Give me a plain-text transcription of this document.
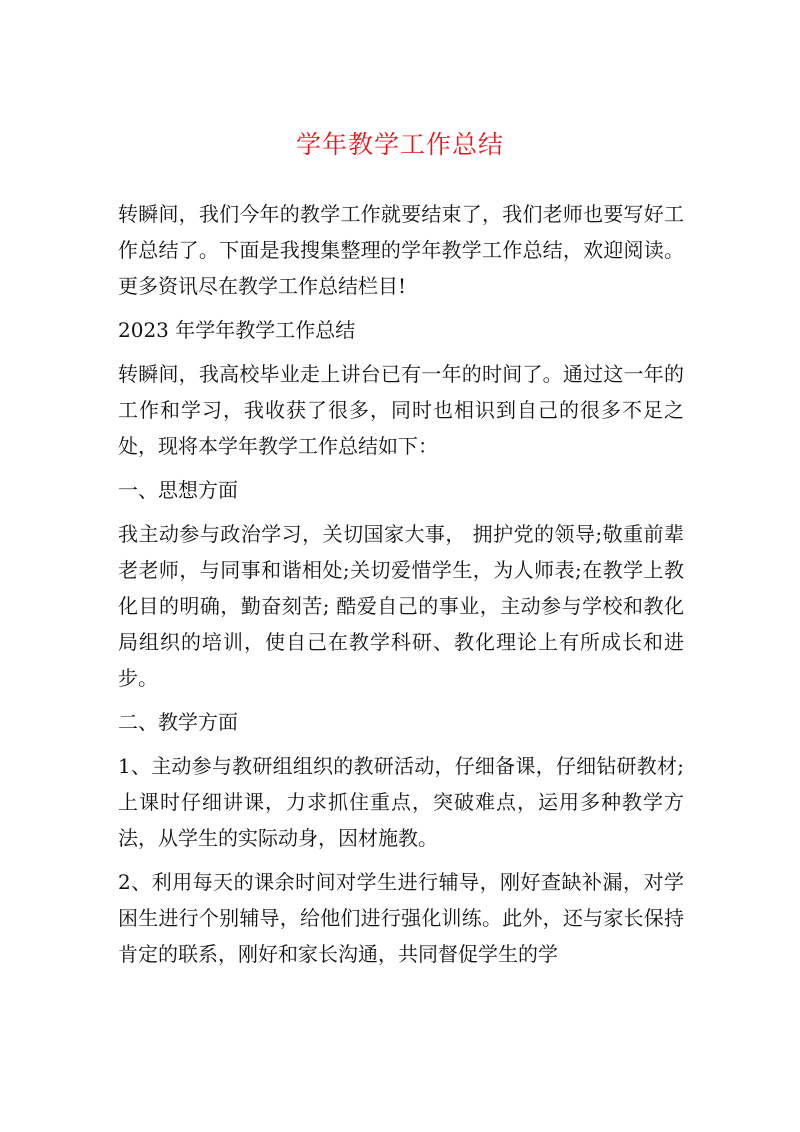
学年教学工作总结

转瞬间，我们今年的教学工作就要结束了，我们老师也要写好工作总结了。下面是我搜集整理的学年教学工作总结，欢迎阅读。更多资讯尽在教学工作总结栏目!

2023 年学年教学工作总结

转瞬间，我高校毕业走上讲台已有一年的时间了。通过这一年的工作和学习，我收获了很多，同时也相识到自己的很多不足之处，现将本学年教学工作总结如下：

一、思想方面

我主动参与政治学习，关切国家大事， 拥护党的领导;敬重前辈老老师，与同事和谐相处;关切爱惜学生，为人师表;在教学上教化目的明确，勤奋刻苦; 酷爱自己的事业，主动参与学校和教化局组织的培训，使自己在教学科研、教化理论上有所成长和进步。

二、教学方面

1、主动参与教研组组织的教研活动，仔细备课，仔细钻研教材;上课时仔细讲课，力求抓住重点，突破难点，运用多种教学方法，从学生的实际动身，因材施教。

2、利用每天的课余时间对学生进行辅导，刚好查缺补漏，对学困生进行个别辅导，给他们进行强化训练。此外，还与家长保持肯定的联系，刚好和家长沟通，共同督促学生的学
